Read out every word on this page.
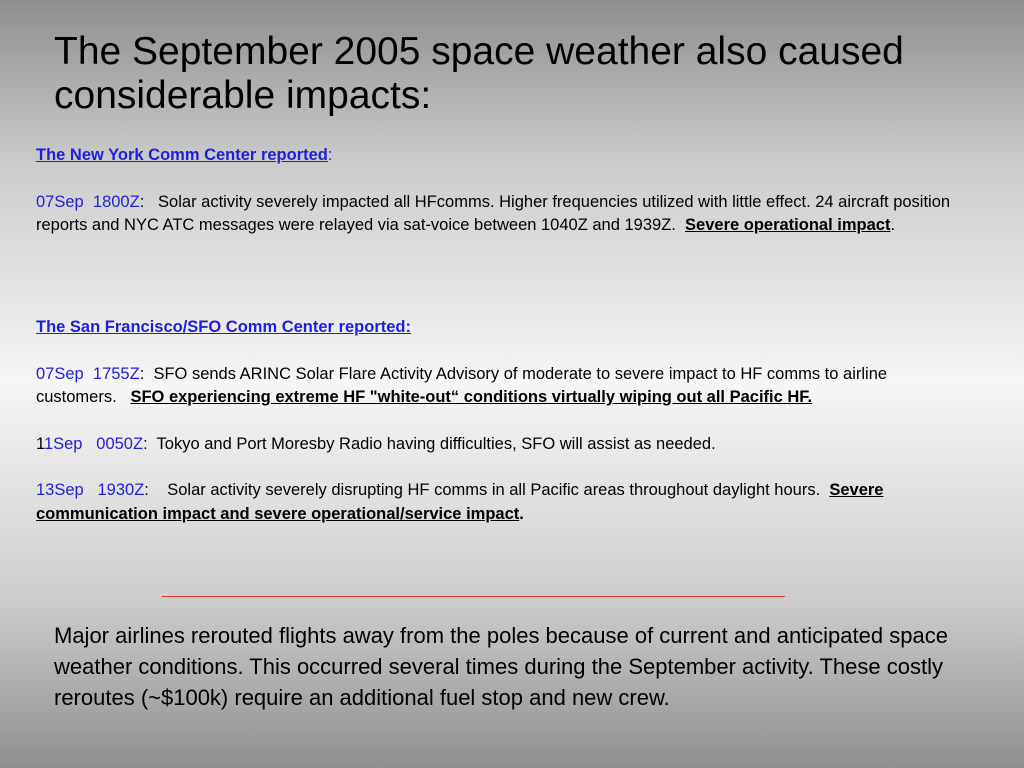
The September 2005 space weather also caused considerable impacts:
The New York Comm Center reported:
07Sep 1800Z: Solar activity severely impacted all HFcomms. Higher frequencies utilized with little effect. 24 aircraft position reports and NYC ATC messages were relayed via sat-voice between 1040Z and 1939Z. Severe operational impact.
The San Francisco/SFO Comm Center reported:
07Sep 1755Z: SFO sends ARINC Solar Flare Activity Advisory of moderate to severe impact to HF comms to airline customers. SFO experiencing extreme HF "white-out“ conditions virtually wiping out all Pacific HF.
11Sep 0050Z: Tokyo and Port Moresby Radio having difficulties, SFO will assist as needed.
13Sep 1930Z: Solar activity severely disrupting HF comms in all Pacific areas throughout daylight hours. Severe communication impact and severe operational/service impact.
Major airlines rerouted flights away from the poles because of current and anticipated space weather conditions. This occurred several times during the September activity. These costly reroutes (~$100k) require an additional fuel stop and new crew.
